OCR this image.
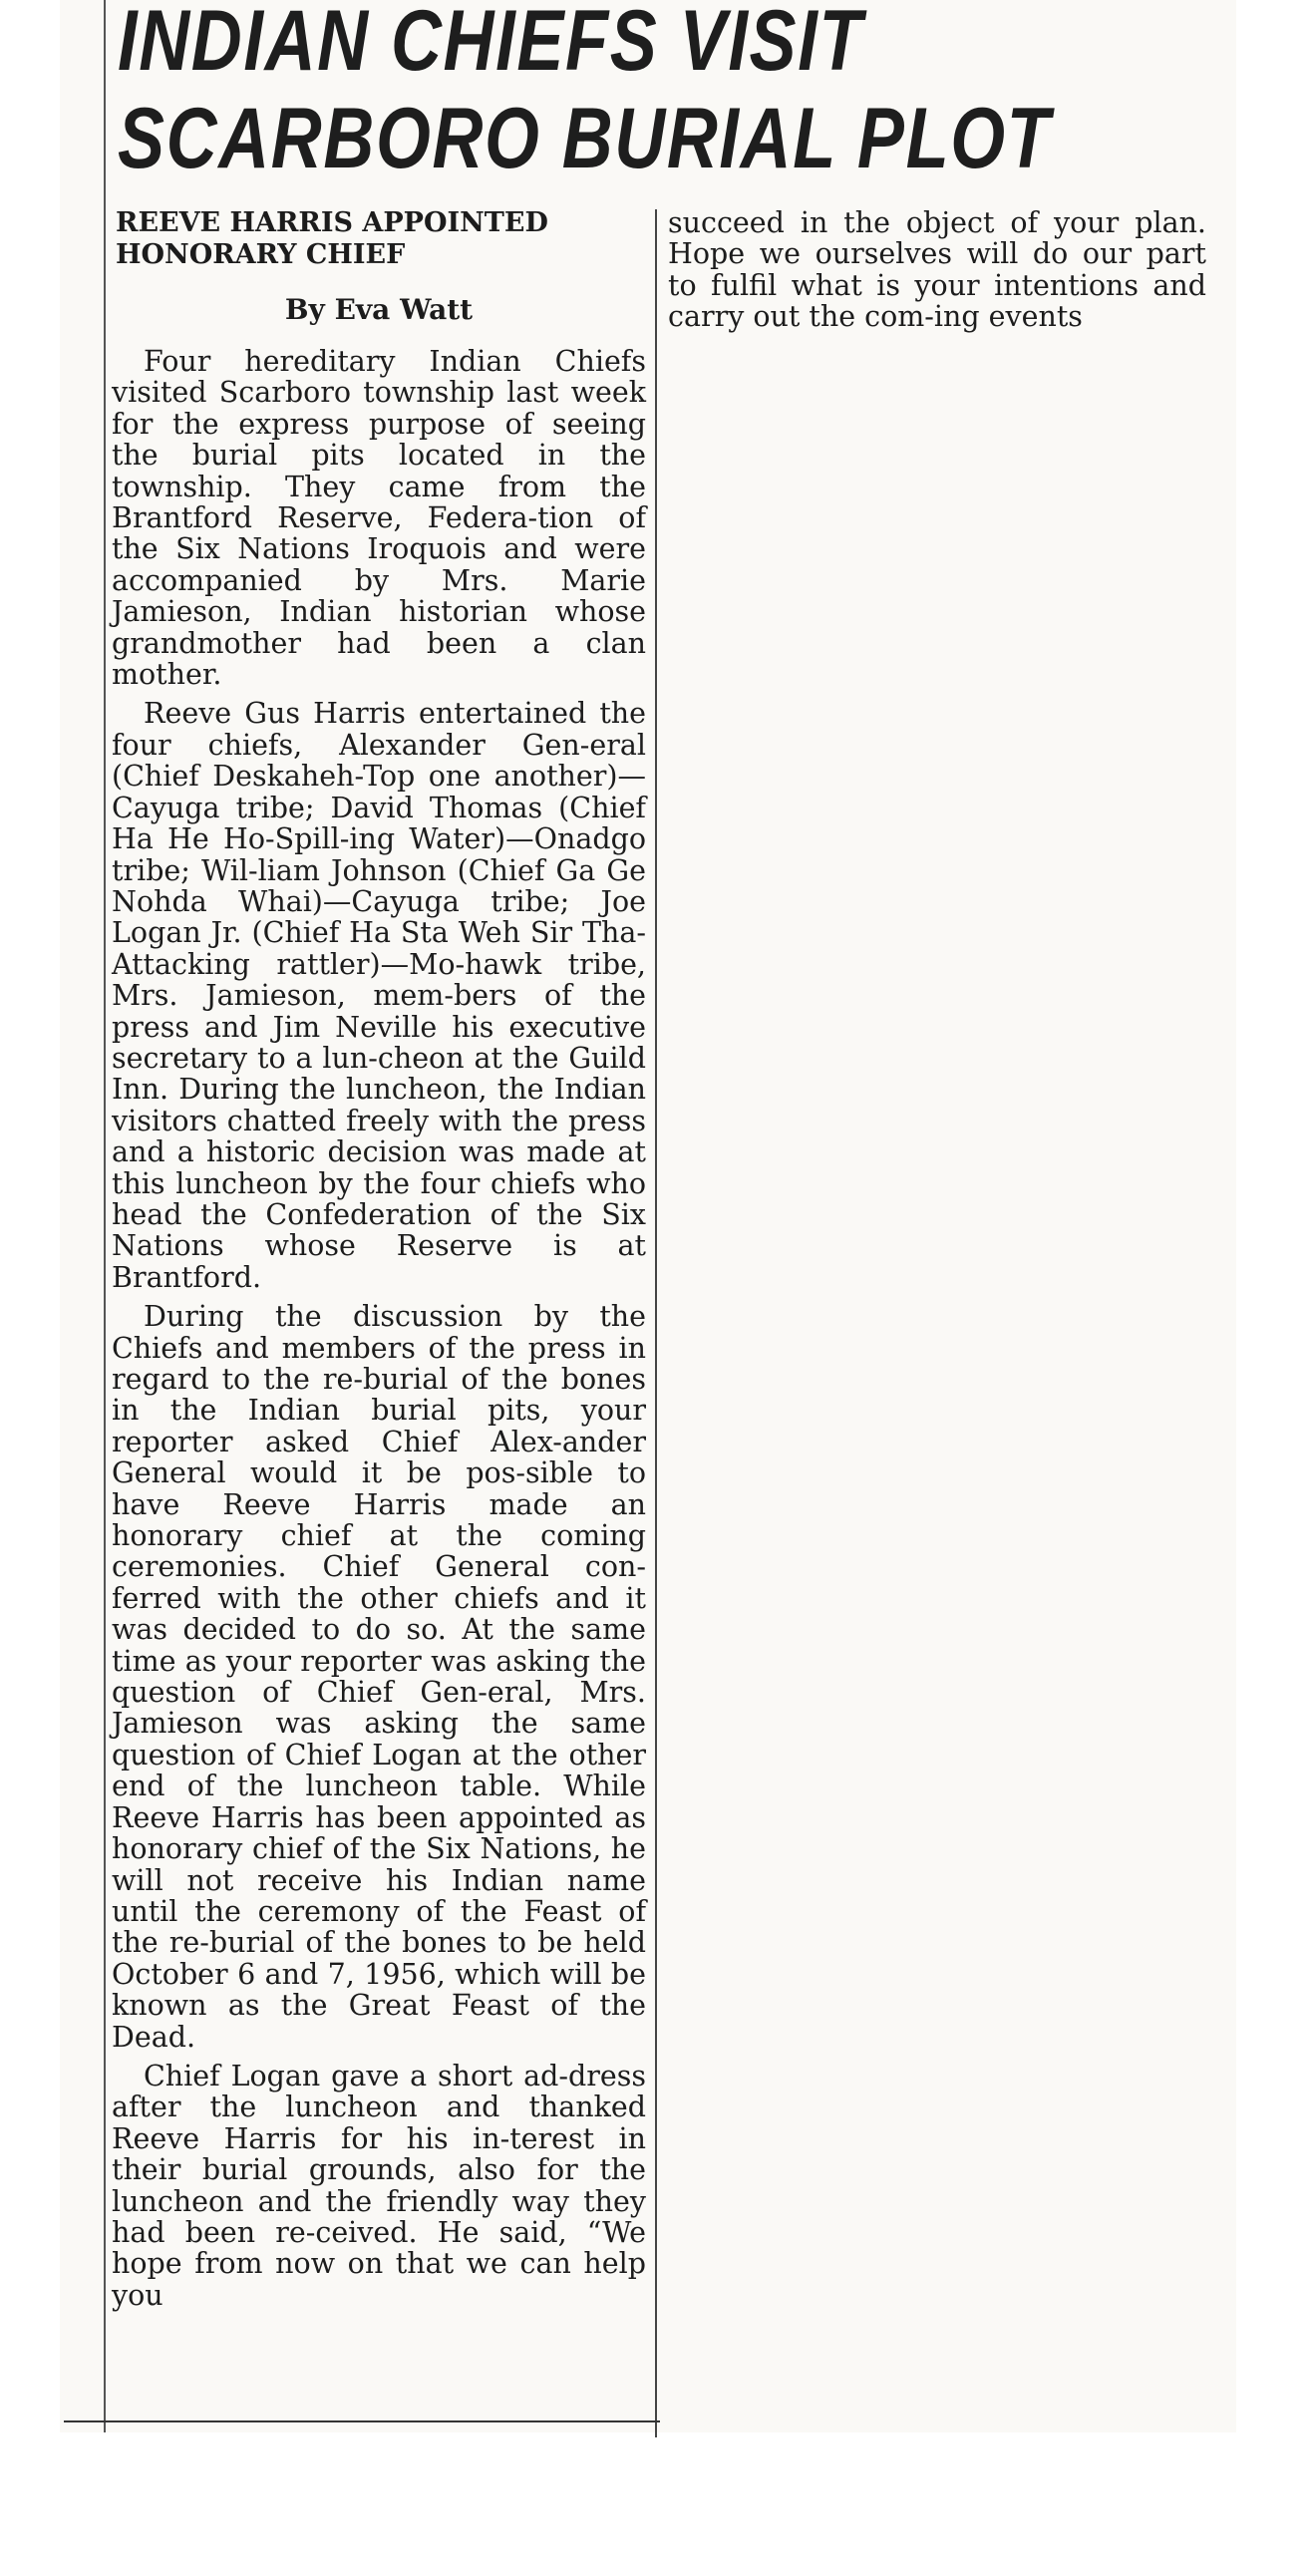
INDIAN CHIEFS VISIT
SCARBORO BURIAL PLOT
REEVE HARRIS APPOINTED HONORARY CHIEF
By Eva Watt

Four hereditary Indian Chiefs visited Scarboro township last week for the express purpose of seeing the burial pits located in the township. They came from the Brantford Reserve, Federa-tion of the Six Nations Iroquois and were accompanied by Mrs. Marie Jamieson, Indian historian whose grandmother had been a clan mother.

Reeve Gus Harris entertained the four chiefs, Alexander Gen-eral (Chief Deskaheh-Top one another)—Cayuga tribe; David Thomas (Chief Ha He Ho-Spill-ing Water)—Onadgo tribe; Wil-liam Johnson (Chief Ga Ge Nohda Whai)—Cayuga tribe; Joe Logan Jr. (Chief Ha Sta Weh Sir Tha-Attacking rattler)—Mo-hawk tribe, Mrs. Jamieson, mem-bers of the press and Jim Neville his executive secretary to a lun-cheon at the Guild Inn. During the luncheon, the Indian visitors chatted freely with the press and a historic decision was made at this luncheon by the four chiefs who head the Confederation of the Six Nations whose Reserve is at Brantford.

During the discussion by the Chiefs and members of the press in regard to the re-burial of the bones in the Indian burial pits, your reporter asked Chief Alex-ander General would it be pos-sible to have Reeve Harris made an honorary chief at the coming ceremonies. Chief General con-ferred with the other chiefs and it was decided to do so. At the same time as your reporter was asking the question of Chief Gen-eral, Mrs. Jamieson was asking the same question of Chief Logan at the other end of the luncheon table. While Reeve Harris has been appointed as honorary chief of the Six Nations, he will not receive his Indian name until the ceremony of the Feast of the re-burial of the bones to be held October 6 and 7, 1956, which will be known as the Great Feast of the Dead.

Chief Logan gave a short ad-dress after the luncheon and thanked Reeve Harris for his in-terest in their burial grounds, also for the luncheon and the friendly way they had been re-ceived. He said, “We hope from now on that we can help you

succeed in the object of your plan. Hope we ourselves will do our part to fulfil what is your intentions and carry out the com-ing events
